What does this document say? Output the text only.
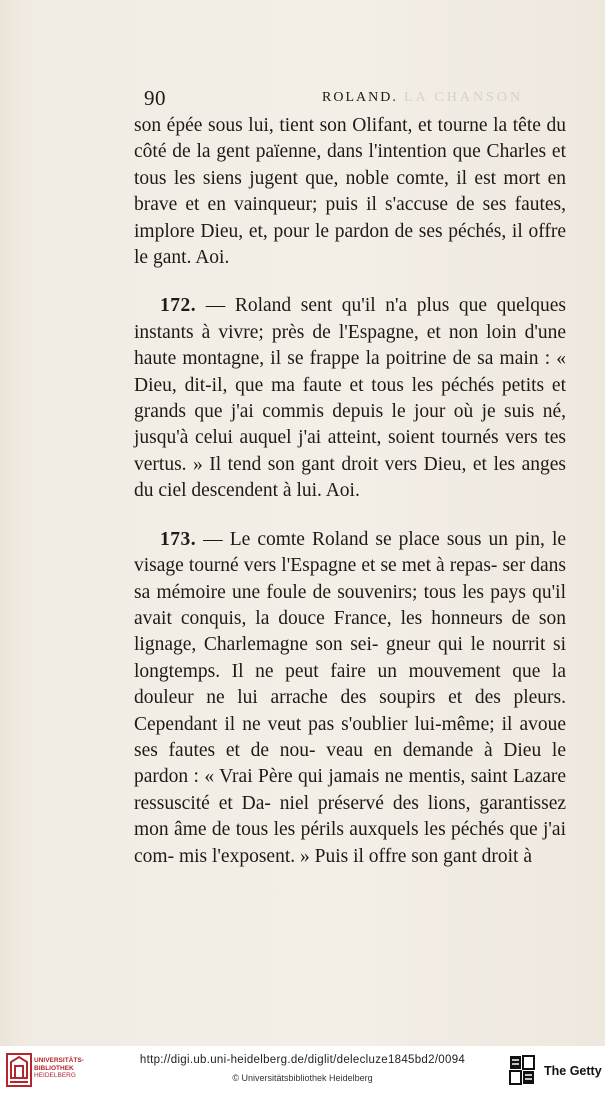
90	ROLAND. LA CHANSON

son épée sous lui, tient son Olifant, et tourne la tête du côté de la gent païenne, dans l'intention que Charles et tous les siens jugent que, noble comte, il est mort en brave et en vainqueur; puis il s'accuse de ses fautes, implore Dieu, et, pour le pardon de ses péchés, il offre le gant. Aoi.

172. — Roland sent qu'il n'a plus que quelques instants à vivre; près de l'Espagne, et non loin d'une haute montagne, il se frappe la poitrine de sa main : « Dieu, dit-il, que ma faute et tous les péchés petits et grands que j'ai commis depuis le jour où je suis né, jusqu'à celui auquel j'ai atteint, soient tournés vers tes vertus. » Il tend son gant droit vers Dieu, et les anges du ciel descendent à lui. Aoi.

173. — Le comte Roland se place sous un pin, le visage tourné vers l'Espagne et se met à repas- ser dans sa mémoire une foule de souvenirs; tous les pays qu'il avait conquis, la douce France, les honneurs de son lignage, Charlemagne son sei- gneur qui le nourrit si longtemps. Il ne peut faire un mouvement que la douleur ne lui arrache des soupirs et des pleurs. Cependant il ne veut pas s'oublier lui-même; il avoue ses fautes et de nou- veau en demande à Dieu le pardon : « Vrai Père qui jamais ne mentis, saint Lazare ressuscité et Da- niel préservé des lions, garantissez mon âme de tous les périls auxquels les péchés que j'ai com- mis l'exposent. » Puis il offre son gant droit à

UNIVERSITÄTS-
BIBLIOTHEK
HEIDELBERG
http://digi.ub.uni-heidelberg.de/diglit/delecluze1845bd2/0094
© Universitätsbibliothek Heidelberg	The Getty
